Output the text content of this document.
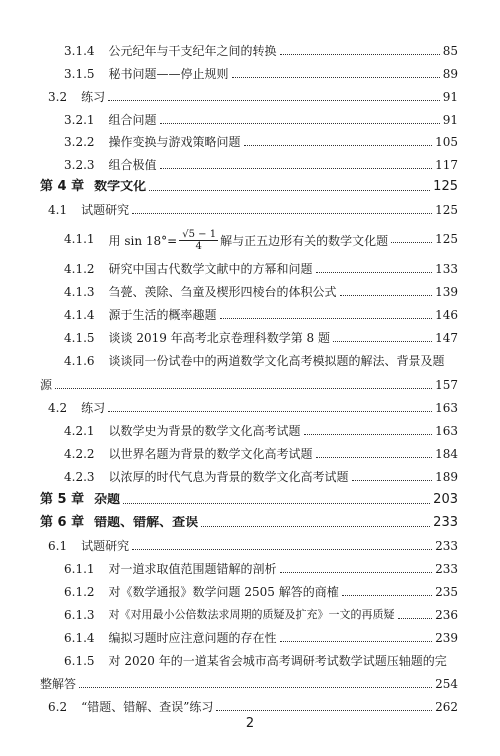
3.1.4 公元纪年与干支纪年之间的转换	85
3.1.5 秘书问题——停止规则	89
3.2 练习	91
3.2.1 组合问题	91
3.2.2 操作变换与游戏策略问题	105
3.2.3 组合极值	117
第 4 章 数学文化	125
4.1 试题研究	125
4.1.1 用 $\sin 18^\circ= \frac{√5 - 1}{4}$ 解与正五边形有关的数学文化题	125
4.1.2 研究中国古代数学文献中的方幂和问题	133
4.1.3 刍甍、羡除、刍童及楔形四棱台的体积公式	139
4.1.4 源于生活的概率趣题	146
4.1.5 谈谈 2019 年高考北京卷理科数学第 8 题	147
4.1.6 谈谈同一份试卷中的两道数学文化高考模拟题的解法、背景及题
源	157
4.2 练习	163
4.2.1 以数学史为背景的数学文化高考试题	163
4.2.2 以世界名题为背景的数学文化高考试题	184
4.2.3 以浓厚的时代气息为背景的数学文化高考试题	189
第 5 章 杂题	203
第 6 章 错题、错解、查误	233
6.1 试题研究	233
6.1.1 对一道求取值范围题错解的剖析	233
6.1.2 对《数学通报》数学问题 2505 解答的商榷	235
6.1.3 对《对用最小公倍数法求周期的质疑及扩充》一文的再质疑	236
6.1.4 编拟习题时应注意问题的存在性	239
6.1.5 对 2020 年的一道某省会城市高考调研考试数学试题压轴题的完
整解答	254
6.2 “错题、错解、查误”练习	262
2
